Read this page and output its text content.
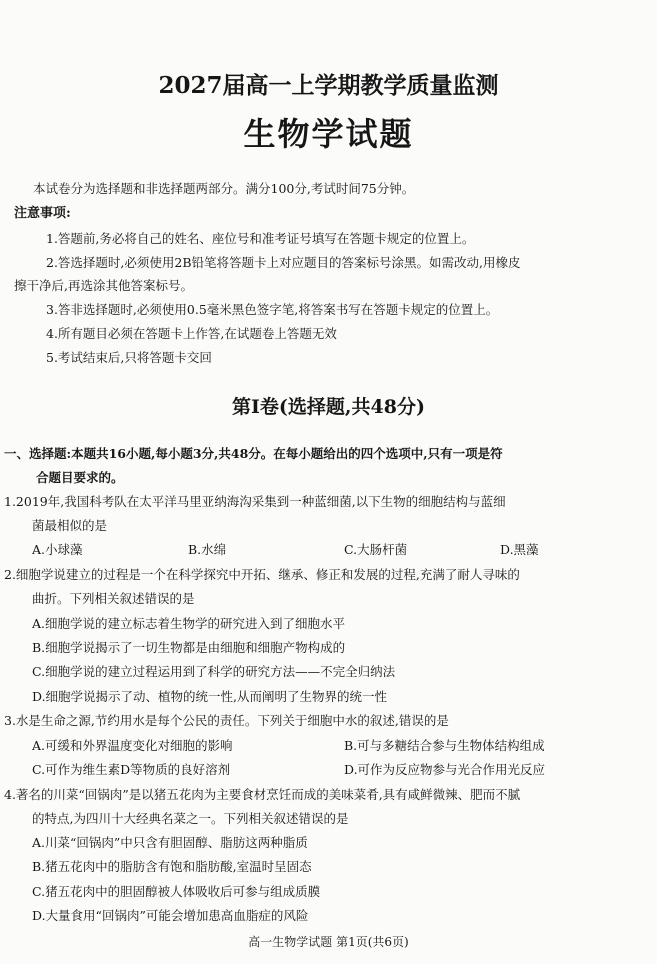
2027届高一上学期教学质量监测
生物学试题
本试卷分为选择题和非选择题两部分。满分100分,考试时间75分钟。
注意事项:
1.答题前,务必将自己的姓名、座位号和准考证号填写在答题卡规定的位置上。
2.答选择题时,必须使用2B铅笔将答题卡上对应题目的答案标号涂黑。如需改动,用橡皮
擦干净后,再选涂其他答案标号。
3.答非选择题时,必须使用0.5毫米黑色签字笔,将答案书写在答题卡规定的位置上。
4.所有题目必须在答题卡上作答,在试题卷上答题无效
5.考试结束后,只将答题卡交回
第Ⅰ卷(选择题,共48分)
一、选择题:本题共16小题,每小题3分,共48分。在每小题给出的四个选项中,只有一项是符
合题目要求的。
1.2019年,我国科考队在太平洋马里亚纳海沟采集到一种蓝细菌,以下生物的细胞结构与蓝细
菌最相似的是
A.小球藻	B.水绵	C.大肠杆菌	D.黑藻
2.细胞学说建立的过程是一个在科学探究中开拓、继承、修正和发展的过程,充满了耐人寻味的
曲折。下列相关叙述错误的是
A.细胞学说的建立标志着生物学的研究进入到了细胞水平
B.细胞学说揭示了一切生物都是由细胞和细胞产物构成的
C.细胞学说的建立过程运用到了科学的研究方法——不完全归纳法
D.细胞学说揭示了动、植物的统一性,从而阐明了生物界的统一性
3.水是生命之源,节约用水是每个公民的责任。下列关于细胞中水的叙述,错误的是
A.可缓和外界温度变化对细胞的影响	B.可与多糖结合参与生物体结构组成
C.可作为维生素D等物质的良好溶剂	D.可作为反应物参与光合作用光反应
4.著名的川菜“回锅肉”是以猪五花肉为主要食材烹饪而成的美味菜肴,具有咸鲜微辣、肥而不腻
的特点,为四川十大经典名菜之一。下列相关叙述错误的是
A.川菜“回锅肉”中只含有胆固醇、脂肪这两种脂质
B.猪五花肉中的脂肪含有饱和脂肪酸,室温时呈固态
C.猪五花肉中的胆固醇被人体吸收后可参与组成质膜
D.大量食用“回锅肉”可能会增加患高血脂症的风险
高一生物学试题 第1页(共6页)
